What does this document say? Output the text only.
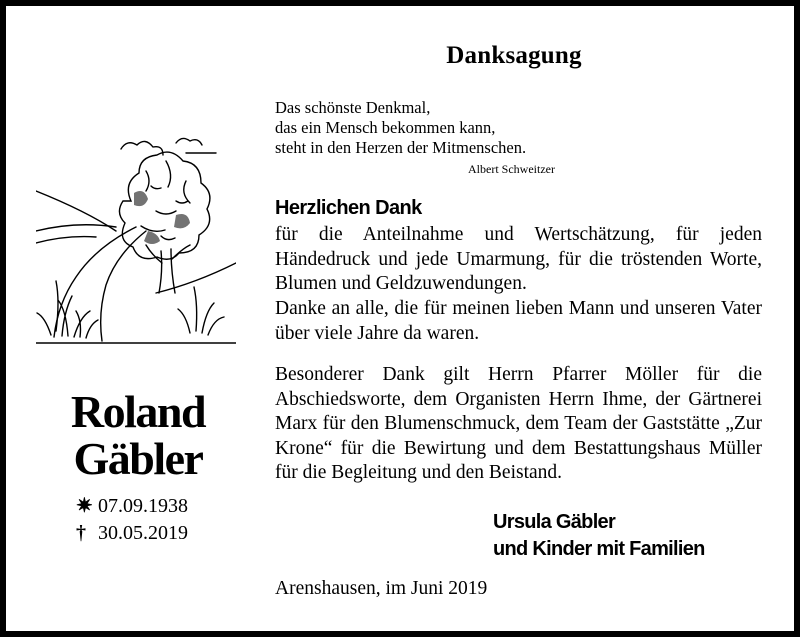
Danksagung
Das schönste Denkmal,
das ein Mensch bekommen kann,
steht in den Herzen der Mitmenschen.
Albert Schweitzer
Herzlichen Dank

für die Anteilnahme und Wertschätzung, für jeden Händedruck und jede Umarmung, für die tröstenden Worte, Blumen und Geldzuwendungen.

Danke an alle, die für meinen lieben Mann und unseren Vater über viele Jahre da waren.

Besonderer Dank gilt Herrn Pfarrer Möller für die Abschiedsworte, dem Organisten Herrn Ihme, der Gärtnerei Marx für den Blumenschmuck, dem Team der Gaststätte „Zur Krone“ für die Bewirtung und dem Bestattungshaus Müller für die Begleitung und den Beistand.

Ursula Gäbler
und Kinder mit Familien
Arenshausen, im Juni 2019
Roland
Gäbler
✷ 07.09.1938
† 30.05.2019
